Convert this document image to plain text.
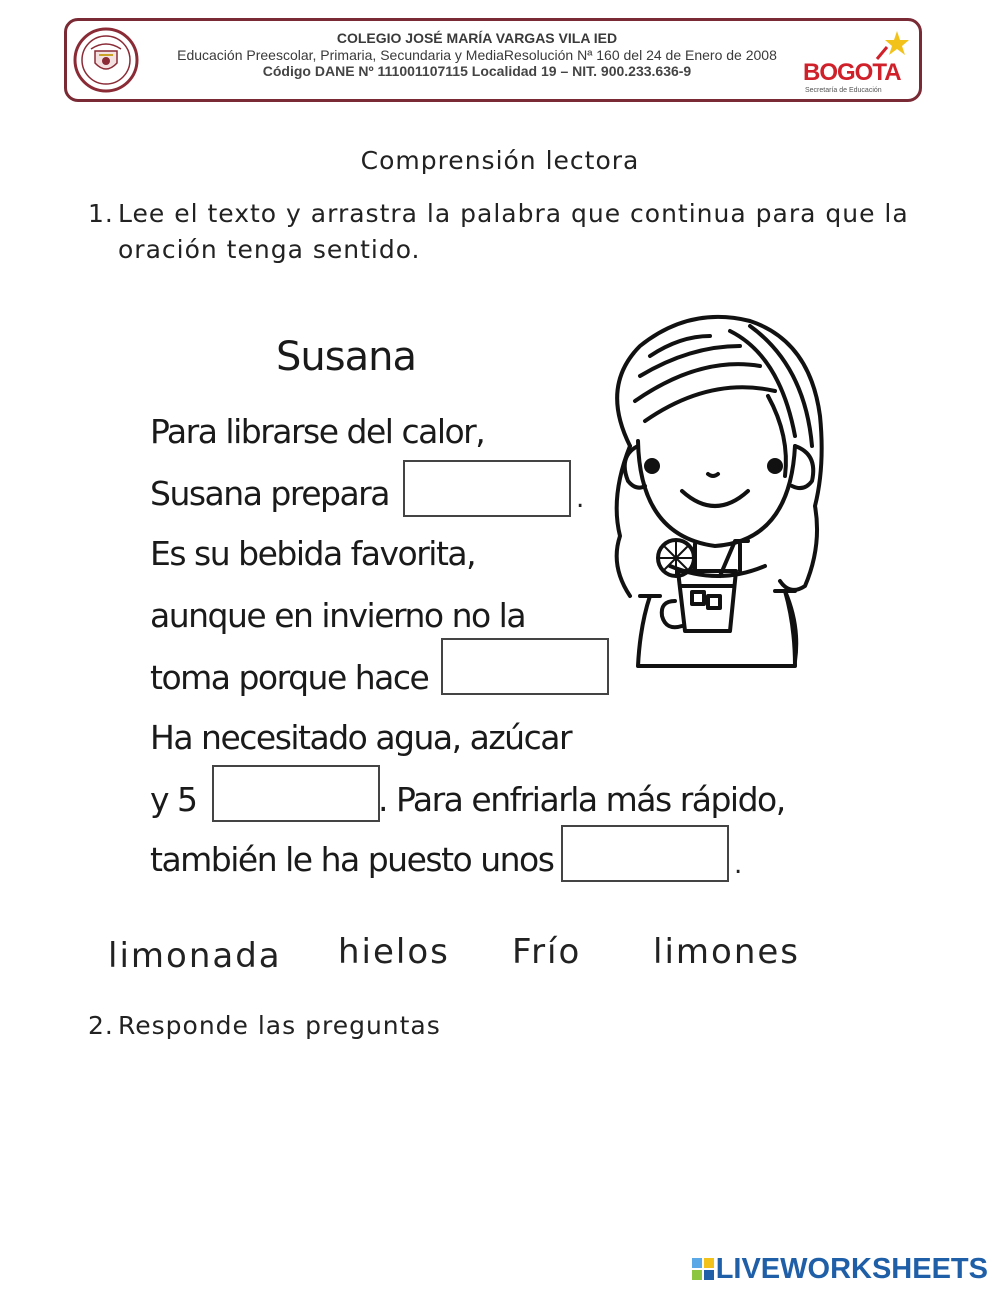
COLEGIO JOSÉ MARÍA VARGAS VILA IED
Educación Preescolar, Primaria, Secundaria y MediaResolución Nª 160 del 24 de Enero de 2008
Código DANE Nº 111001107115 Localidad 19 – NIT. 900.233.636-9	BOGOTA
Secretaría de Educación
Comprensión lectora
1. Lee el texto y arrastra la palabra que continua para que la oración tenga sentido.
Susana
Para librarse del calor,
Susana prepara	.
Es su bebida favorita,
aunque en invierno no la
toma porque hace
Ha necesitado agua, azúcar
y 5	. Para enfriarla más rápido,
también le ha puesto unos	.
limonada hielos Frío limones
2. Responde las preguntas
LIVEWORKSHEETS
